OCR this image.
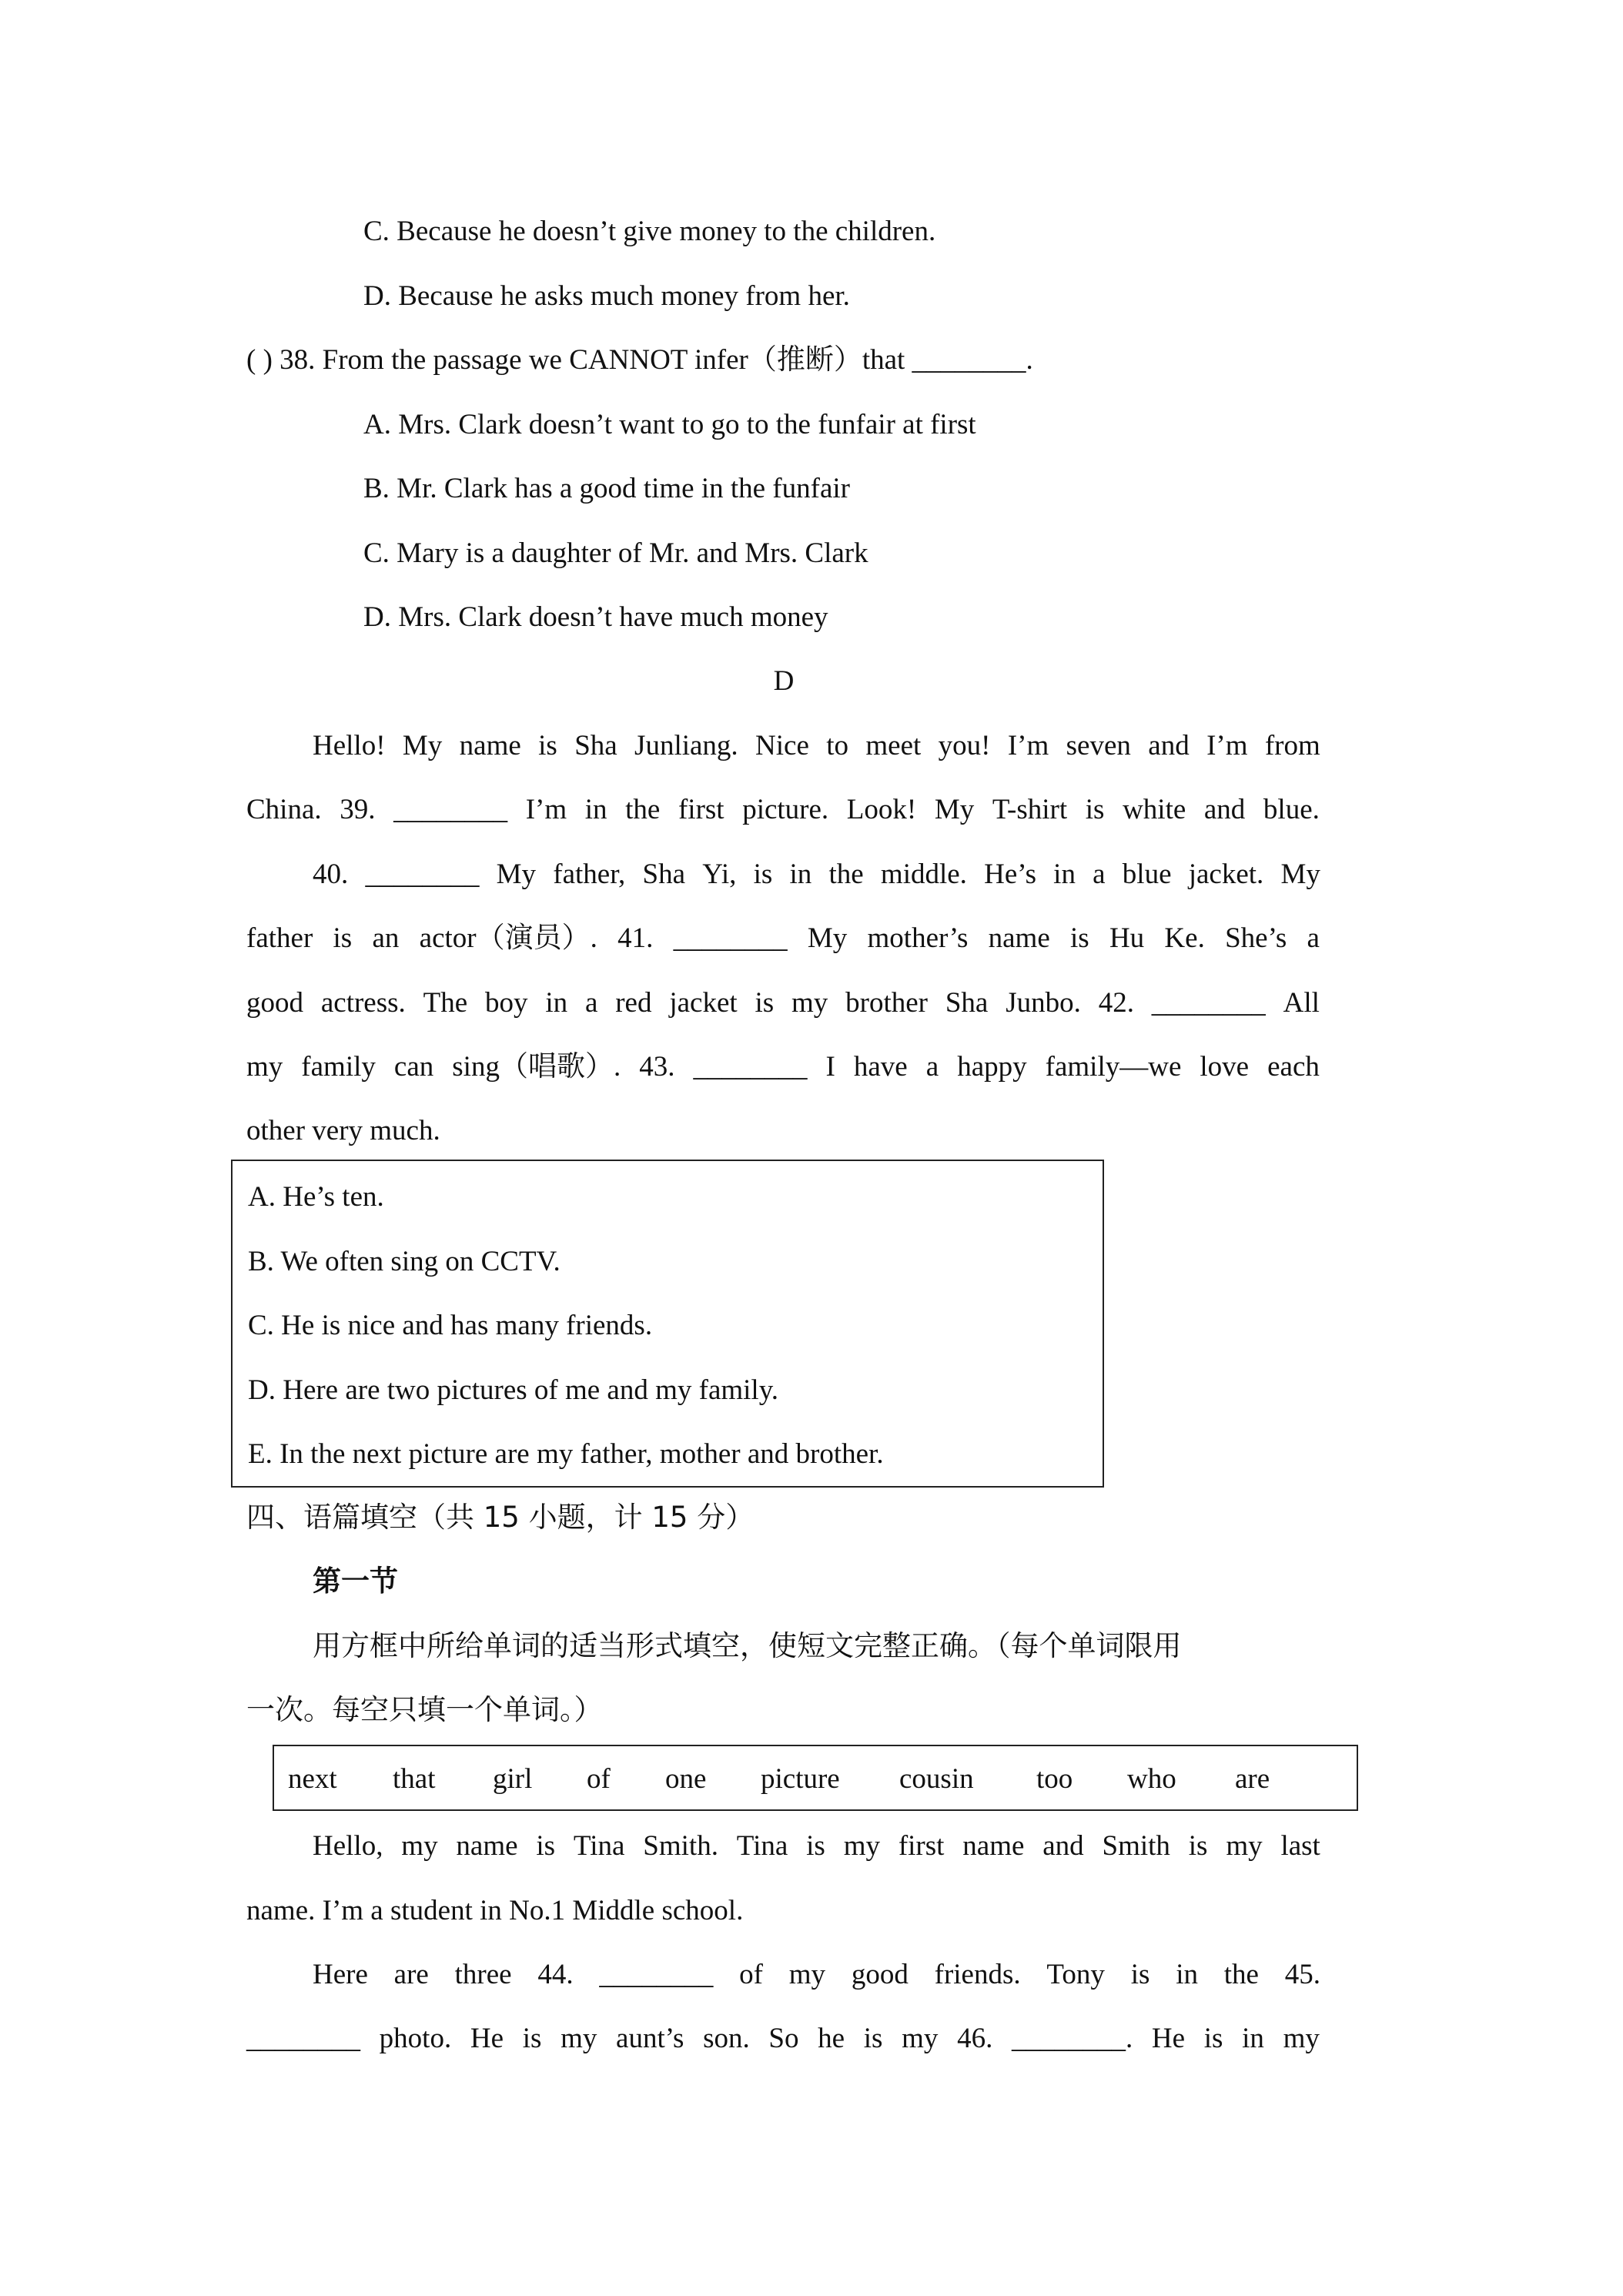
C. Because he doesn’t give money to the children.
D. Because he asks much money from her.
( ) 38. From the passage we CANNOT infer（推断）that ________.
A. Mrs. Clark doesn’t want to go to the funfair at first
B. Mr. Clark has a good time in the funfair
C. Mary is a daughter of Mr. and Mrs. Clark
D. Mrs. Clark doesn’t have much money
D
Hello! My name is Sha Junliang. Nice to meet you! I’m seven and I’m from
China. 39. ________ I’m in the first picture. Look! My T-shirt is white and blue.
40. ________ My father, Sha Yi, is in the middle. He’s in a blue jacket. My
father is an actor（演员）. 41. ________ My mother’s name is Hu Ke. She’s a
good actress. The boy in a red jacket is my brother Sha Junbo. 42. ________ All
my family can sing（唱歌）. 43. ________ I have a happy family—we love each
other very much.
A. He’s ten.
B. We often sing on CCTV.
C. He is nice and has many friends.
D. Here are two pictures of me and my family.
E. In the next picture are my father, mother and brother.
四、语篇填空（共 15 小题，计 15 分）
第一节
用方框中所给单词的适当形式填空，使短文完整正确。（每个单词限用
一次。每空只填一个单词。）
next that girl of one picture cousin too who are
Hello, my name is Tina Smith. Tina is my first name and Smith is my last
name. I’m a student in No.1 Middle school.
Here are three 44. ________ of my good friends. Tony is in the 45.
________ photo. He is my aunt’s son. So he is my 46. ________. He is in my
